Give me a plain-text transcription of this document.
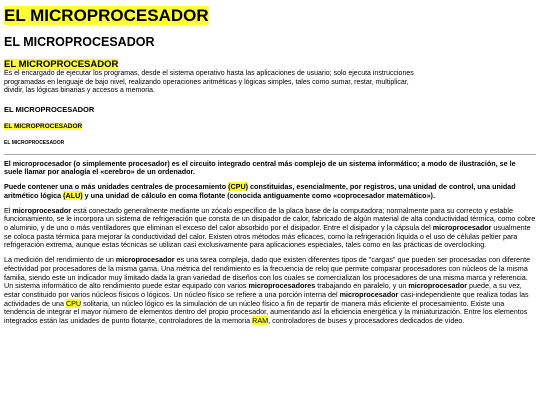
EL MICROPROCESADOR
EL MICROPROCESADOR
EL MICROPROCESADOR
Es el encargado de ejecutar los programas, desde el sistema operativo hasta las aplicaciones de usuario; solo ejecuta instrucciones
programadas en lenguaje de bajo nivel, realizando operaciones aritméticas y lógicas simples, tales como sumar, restar, multiplicar,
dividir, las lógicas binarias y accesos a memoria.
EL MICROPROCESADOR
EL MICROPROCESADOR
EL MICROPROCESADOR

El microprocesador (o simplemente procesador) es el circuito integrado central más complejo de un sistema informático; a modo de ilustración, se le suele llamar por analogía el «cerebro» de un ordenador.

Puede contener una o más unidades centrales de procesamiento (CPU) constituidas, esencialmente, por registros, una unidad de control, una unidad aritmético lógica (ALU) y una unidad de cálculo en coma flotante (conocida antiguamente como «coprocesador matemático»).

El microprocesador está conectado generalmente mediante un zócalo específico de la placa base de la computadora; normalmente para su correcto y estable funcionamiento, se le incorpora un sistema de refrigeración que consta de un disipador de calor, fabricado de algún material de alta conductividad térmica, como cobre o aluminio, y de uno o más ventiladores que eliminan el exceso del calor absorbido por el disipador. Entre el disipador y la cápsula del microprocesador usualmente se coloca pasta térmica para mejorar la conductividad del calor. Existen otros métodos más eficaces, como la refrigeración líquida o el uso de células peltier para refrigeración extrema, aunque estas técnicas se utilizan casi exclusivamente para aplicaciones especiales, tales como en las prácticas de overclocking.

La medición del rendimiento de un microprocesador es una tarea compleja, dado que existen diferentes tipos de "cargas" que pueden ser procesadas con diferente efectividad por procesadores de la misma gama. Una métrica del rendimiento es la frecuencia de reloj que permite comparar procesadores con núcleos de la misma familia, siendo este un indicador muy limitado dada la gran variedad de diseños con los cuales se comercializan los procesadores de una misma marca y referencia. Un sistema informático de alto rendimiento puede estar equipado con varios microprocesadores trabajando en paralelo, y un microprocesador puede, a su vez, estar constituido por varios núcleos físicos o lógicos. Un núcleo físico se refiere a una porción interna del microprocesador casi-independiente que realiza todas las actividades de una CPU solitaria, un núcleo lógico es la simulación de un núcleo físico a fin de repartir de manera más eficiente el procesamiento. Existe una tendencia de integrar el mayor número de elementos dentro del propio procesador, aumentando así la eficiencia energética y la miniaturización. Entre los elementos integrados están las unidades de punto flotante, controladores de la memoria RAM, controladores de buses y procesadores dedicados de vídeo.
